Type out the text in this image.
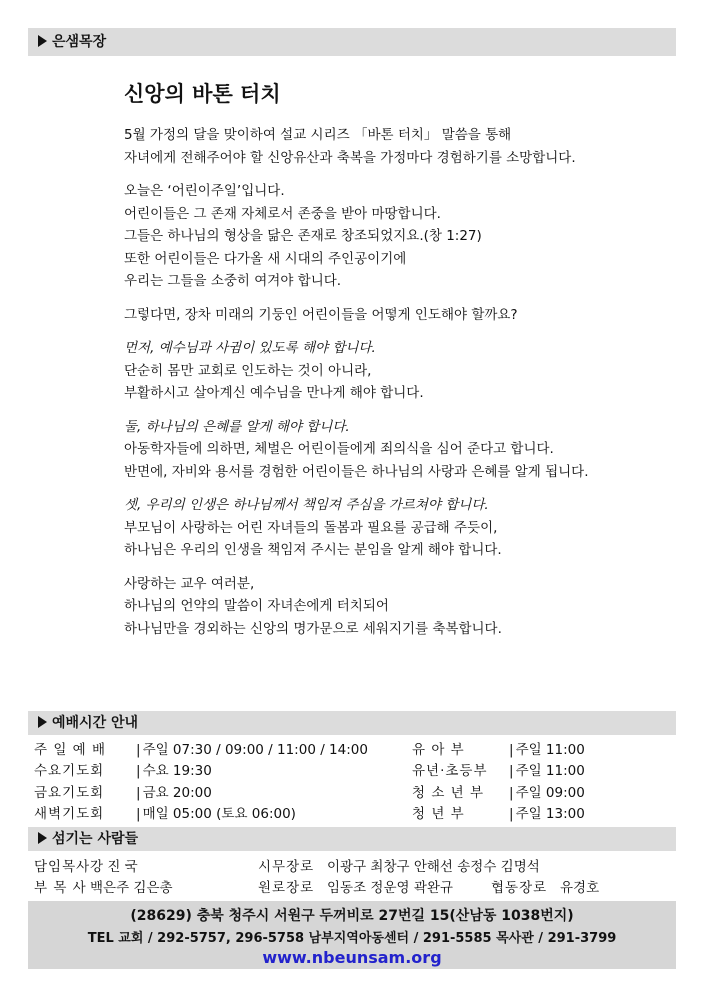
은샘목장
신앙의 바톤 터치
5월 가정의 달을 맞이하여 설교 시리즈 「바톤 터치」 말씀을 통해
자녀에게 전해주어야 할 신앙유산과 축복을 가정마다 경험하기를 소망합니다.
오늘은 ‘어린이주일’입니다.
어린이들은 그 존재 자체로서 존중을 받아 마땅합니다.
그들은 하나님의 형상을 닮은 존재로 창조되었지요.(창 1:27)
또한 어린이들은 다가올 새 시대의 주인공이기에
우리는 그들을 소중히 여겨야 합니다.
그렇다면, 장차 미래의 기둥인 어린이들을 어떻게 인도해야 할까요?
먼저, 예수님과 사귐이 있도록 해야 합니다.
단순히 몸만 교회로 인도하는 것이 아니라,
부활하시고 살아계신 예수님을 만나게 해야 합니다.
둘, 하나님의 은혜를 알게 해야 합니다.
아동학자들에 의하면, 체벌은 어린이들에게 죄의식을 심어 준다고 합니다.
반면에, 자비와 용서를 경험한 어린이들은 하나님의 사랑과 은혜를 알게 됩니다.
셋, 우리의 인생은 하나님께서 책임져 주심을 가르쳐야 합니다.
부모님이 사랑하는 어린 자녀들의 돌봄과 필요를 공급해 주듯이,
하나님은 우리의 인생을 책임져 주시는 분임을 알게 해야 합니다.
사랑하는 교우 여러분,
하나님의 언약의 말씀이 자녀손에게 터치되어
하나님만을 경외하는 신앙의 명가문으로 세워지기를 축복합니다.
예배시간 안내
주 일 예 배	| 주일 07:30 / 09:00 / 11:00 / 14:00	유 아 부	| 주일 11:00
수요기도회	| 수요 19:30	유년·초등부	| 주일 11:00
금요기도회	| 금요 20:00	청 소 년 부	| 주일 09:00
새벽기도회	| 매일 05:00 (토요 06:00)	청 년 부	| 주일 13:00
섬기는 사람들
담임목사 강 진 국	시무장로 이광구 최창구 안해선 송정수 김명석
부 목 사 백은주 김은총	원로장로 임동조 정운영 곽완규	협동장로 유경호
(28629) 충북 청주시 서원구 두꺼비로 27번길 15(산남동 1038번지)
TEL 교회 / 292-5757, 296-5758 남부지역아동센터 / 291-5585 목사관 / 291-3799
www.nbeunsam.org
